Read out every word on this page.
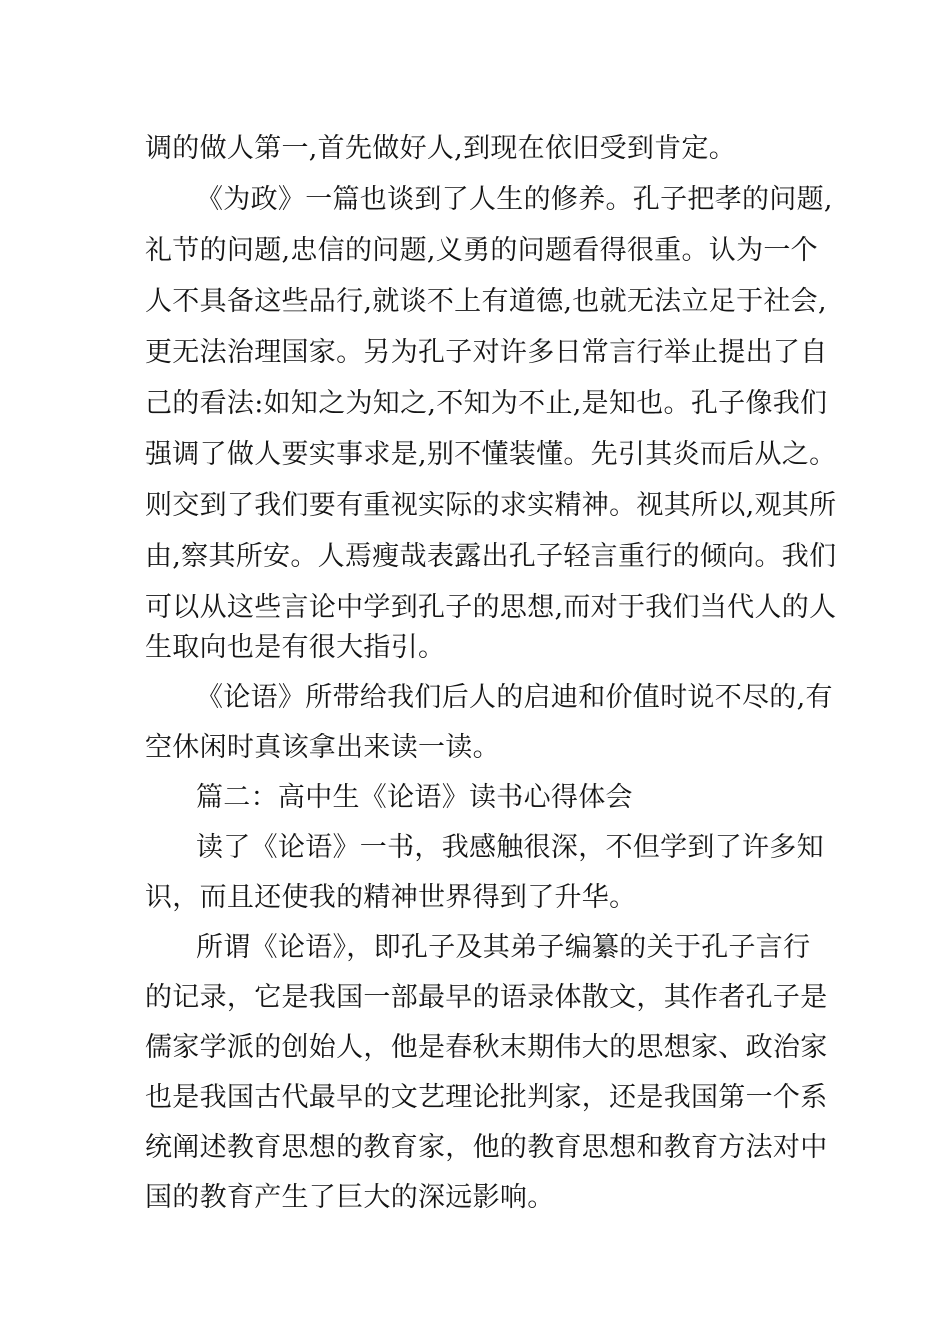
调的做人第一,首先做好人,到现在依旧受到肯定。
《为政》一篇也谈到了人生的修养。孔子把孝的问题,
礼节的问题,忠信的问题,义勇的问题看得很重。认为一个
人不具备这些品行,就谈不上有道德,也就无法立足于社会,
更无法治理国家。另为孔子对许多日常言行举止提出了自
己的看法:如知之为知之,不知为不止,是知也。孔子像我们
强调了做人要实事求是,别不懂装懂。先引其炎而后从之。
则交到了我们要有重视实际的求实精神。视其所以,观其所
由,察其所安。人焉瘦哉表露出孔子轻言重行的倾向。我们
可以从这些言论中学到孔子的思想,而对于我们当代人的人
生取向也是有很大指引。
《论语》所带给我们后人的启迪和价值时说不尽的,有
空休闲时真该拿出来读一读。
篇二：高中生《论语》读书心得体会
读了《论语》一书，我感触很深，不但学到了许多知
识，而且还使我的精神世界得到了升华。
所谓《论语》，即孔子及其弟子编纂的关于孔子言行
的记录，它是我国一部最早的语录体散文，其作者孔子是
儒家学派的创始人，他是春秋末期伟大的思想家、政治家
也是我国古代最早的文艺理论批判家，还是我国第一个系
统阐述教育思想的教育家，他的教育思想和教育方法对中
国的教育产生了巨大的深远影响。
